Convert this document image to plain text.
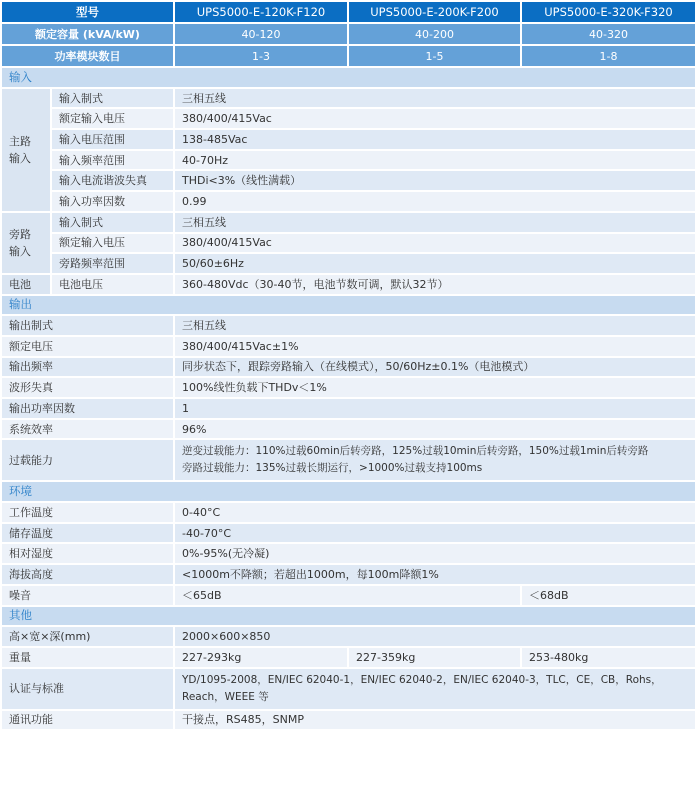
型号		UPS5000-E-120K-F120	UPS5000-E-200K-F200	UPS5000-E-320K-F320
额定容量 (kVA/kW)		40-120	40-200	40-320
功率模块数目		1-3	1-5	1-8
输入				
主路
输入	输入制式	三相五线		
	额定输入电压	380/400/415Vac		
	输入电压范围	138-485Vac		
	输入频率范围	40-70Hz		
	输入电流谐波失真	THDi<3%（线性满载）		
	输入功率因数	0.99		
旁路
输入	输入制式	三相五线		
	额定输入电压	380/400/415Vac		
	旁路频率范围	50/60±6Hz		
电池	电池电压	360-480Vdc（30-40节，电池节数可调，默认32节）		
输出				
输出制式		三相五线		
额定电压		380/400/415Vac±1%		
输出频率		同步状态下，跟踪旁路输入（在线模式），50/60Hz±0.1%（电池模式）		
波形失真		100%线性负载下THDv＜1%		
输出功率因数		1		
系统效率		96%		
过载能力		逆变过载能力：110%过载60min后转旁路，125%过载10min后转旁路，150%过载1min后转旁路
旁路过载能力：135%过载长期运行，>1000%过载支持100ms		

环境				
工作温度		0-40°C		
储存温度		-40-70°C		
相对湿度		0%-95%(无冷凝)		
海拔高度		<1000m不降额；若超出1000m，每100m降额1%		
噪音		＜65dB		＜68dB
其他				
高×宽×深(mm)		2000×600×850		
重量		227-293kg	227-359kg	253-480kg
认证与标准		YD/1095-2008，EN/IEC 62040-1，EN/IEC 62040-2，EN/IEC 62040-3，TLC，CE，CB，Rohs，Reach，WEEE 等		
通讯功能		干接点，RS485，SNMP		
